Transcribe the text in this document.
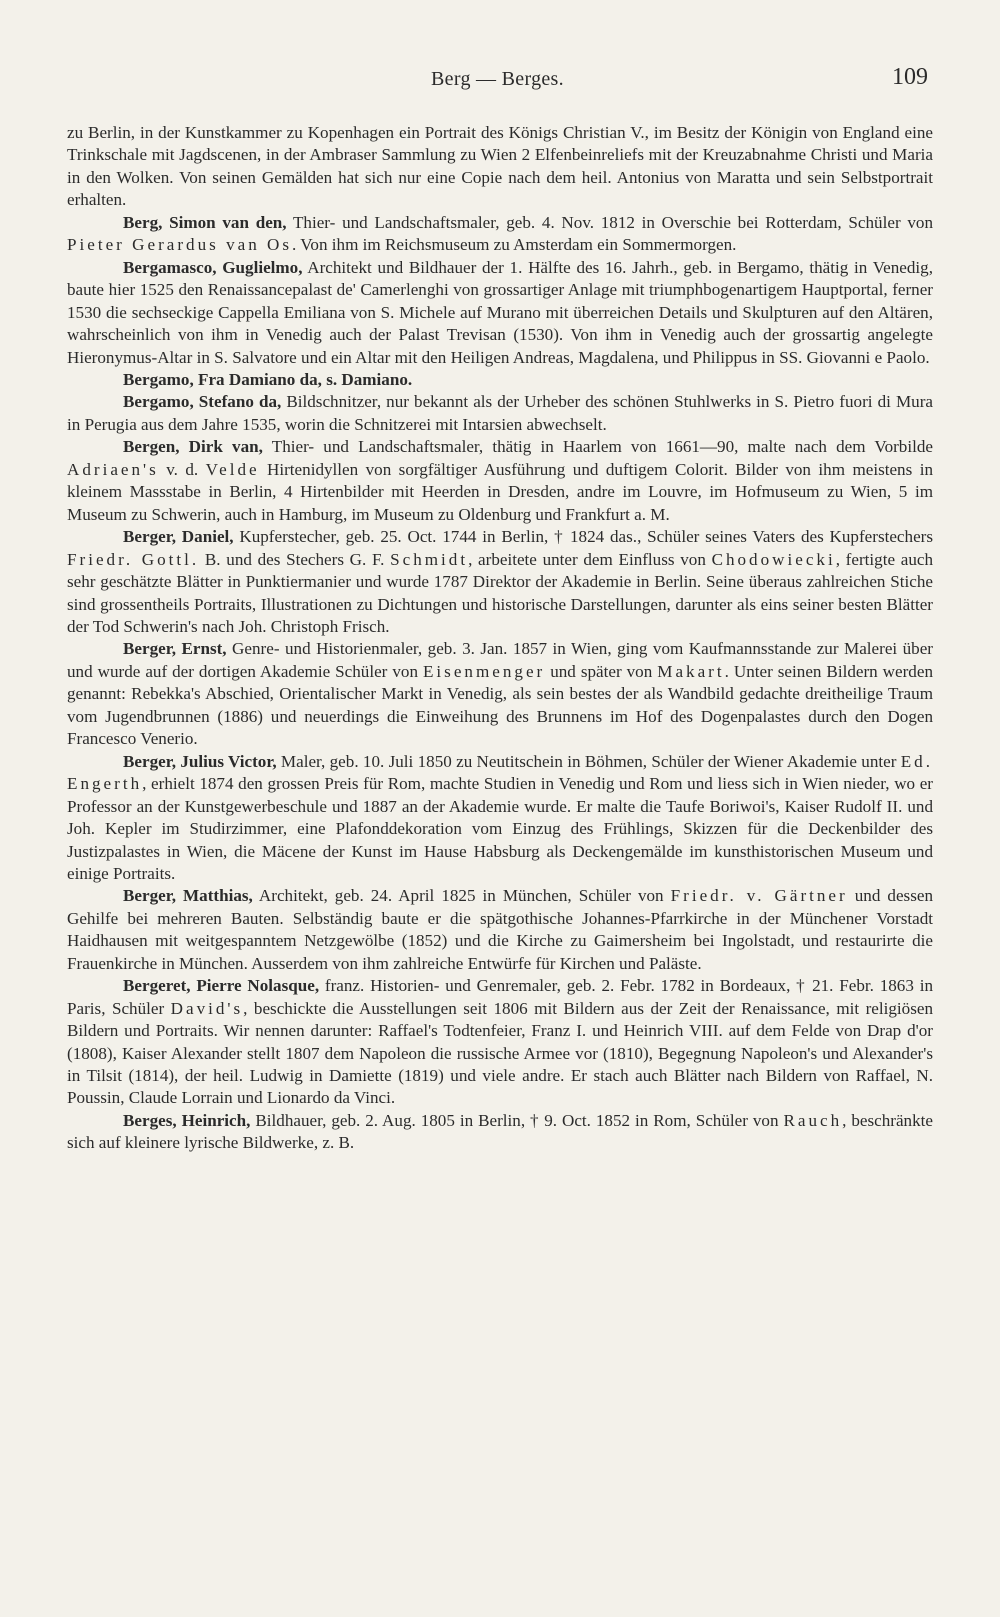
Berg — Berges.	109

zu Berlin, in der Kunstkammer zu Kopenhagen ein Portrait des Königs Christian V., im Besitz der Königin von England eine Trinkschale mit Jagdscenen, in der Ambraser Sammlung zu Wien 2 Elfenbeinreliefs mit der Kreuzabnahme Christi und Maria in den Wolken. Von seinen Gemälden hat sich nur eine Copie nach dem heil. Antonius von Maratta und sein Selbstportrait erhalten.

Berg, Simon van den, Thier- und Landschaftsmaler, geb. 4. Nov. 1812 in Overschie bei Rotterdam, Schüler von Pieter Gerardus van Os. Von ihm im Reichsmuseum zu Amsterdam ein Sommermorgen.

Bergamasco, Guglielmo, Architekt und Bildhauer der 1. Hälfte des 16. Jahrh., geb. in Bergamo, thätig in Venedig, baute hier 1525 den Renaissancepalast de' Camerlenghi von grossartiger Anlage mit triumphbogenartigem Hauptportal, ferner 1530 die sechseckige Cappella Emiliana von S. Michele auf Murano mit überreichen Details und Skulpturen auf den Altären, wahrscheinlich von ihm in Venedig auch der Palast Trevisan (1530). Von ihm in Venedig auch der grossartig angelegte Hieronymus-Altar in S. Salvatore und ein Altar mit den Heiligen Andreas, Magdalena, und Philippus in SS. Giovanni e Paolo.

Bergamo, Fra Damiano da, s. Damiano.

Bergamo, Stefano da, Bildschnitzer, nur bekannt als der Urheber des schönen Stuhlwerks in S. Pietro fuori di Mura in Perugia aus dem Jahre 1535, worin die Schnitzerei mit Intarsien abwechselt.

Bergen, Dirk van, Thier- und Landschaftsmaler, thätig in Haarlem von 1661—90, malte nach dem Vorbilde Adriaen's v. d. Velde Hirtenidyllen von sorgfältiger Ausführung und duftigem Colorit. Bilder von ihm meistens in kleinem Massstabe in Berlin, 4 Hirtenbilder mit Heerden in Dresden, andre im Louvre, im Hofmuseum zu Wien, 5 im Museum zu Schwerin, auch in Hamburg, im Museum zu Oldenburg und Frankfurt a. M.

Berger, Daniel, Kupferstecher, geb. 25. Oct. 1744 in Berlin, † 1824 das., Schüler seines Vaters des Kupferstechers Friedr. Gottl. B. und des Stechers G. F. Schmidt, arbeitete unter dem Einfluss von Chodowiecki, fertigte auch sehr geschätzte Blätter in Punktiermanier und wurde 1787 Direktor der Akademie in Berlin. Seine überaus zahlreichen Stiche sind grossentheils Portraits, Illustrationen zu Dichtungen und historische Darstellungen, darunter als eins seiner besten Blätter der Tod Schwerin's nach Joh. Christoph Frisch.

Berger, Ernst, Genre- und Historienmaler, geb. 3. Jan. 1857 in Wien, ging vom Kaufmannsstande zur Malerei über und wurde auf der dortigen Akademie Schüler von Eisenmenger und später von Makart. Unter seinen Bildern werden genannt: Rebekka's Abschied, Orientalischer Markt in Venedig, als sein bestes der als Wandbild gedachte dreitheilige Traum vom Jugendbrunnen (1886) und neuerdings die Einweihung des Brunnens im Hof des Dogenpalastes durch den Dogen Francesco Venerio.

Berger, Julius Victor, Maler, geb. 10. Juli 1850 zu Neutitschein in Böhmen, Schüler der Wiener Akademie unter Ed. Engerth, erhielt 1874 den grossen Preis für Rom, machte Studien in Venedig und Rom und liess sich in Wien nieder, wo er Professor an der Kunstgewerbeschule und 1887 an der Akademie wurde. Er malte die Taufe Boriwoi's, Kaiser Rudolf II. und Joh. Kepler im Studirzimmer, eine Plafonddekoration vom Einzug des Frühlings, Skizzen für die Deckenbilder des Justizpalastes in Wien, die Mäcene der Kunst im Hause Habsburg als Deckengemälde im kunsthistorischen Museum und einige Portraits.

Berger, Matthias, Architekt, geb. 24. April 1825 in München, Schüler von Friedr. v. Gärtner und dessen Gehilfe bei mehreren Bauten. Selbständig baute er die spätgothische Johannes-Pfarrkirche in der Münchener Vorstadt Haidhausen mit weitgespanntem Netzgewölbe (1852) und die Kirche zu Gaimersheim bei Ingolstadt, und restaurirte die Frauenkirche in München. Ausserdem von ihm zahlreiche Entwürfe für Kirchen und Paläste.

Bergeret, Pierre Nolasque, franz. Historien- und Genremaler, geb. 2. Febr. 1782 in Bordeaux, † 21. Febr. 1863 in Paris, Schüler David's, beschickte die Ausstellungen seit 1806 mit Bildern aus der Zeit der Renaissance, mit religiösen Bildern und Portraits. Wir nennen darunter: Raffael's Todtenfeier, Franz I. und Heinrich VIII. auf dem Felde von Drap d'or (1808), Kaiser Alexander stellt 1807 dem Napoleon die russische Armee vor (1810), Begegnung Napoleon's und Alexander's in Tilsit (1814), der heil. Ludwig in Damiette (1819) und viele andre. Er stach auch Blätter nach Bildern von Raffael, N. Poussin, Claude Lorrain und Lionardo da Vinci.

Berges, Heinrich, Bildhauer, geb. 2. Aug. 1805 in Berlin, † 9. Oct. 1852 in Rom, Schüler von Rauch, beschränkte sich auf kleinere lyrische Bildwerke, z. B.
